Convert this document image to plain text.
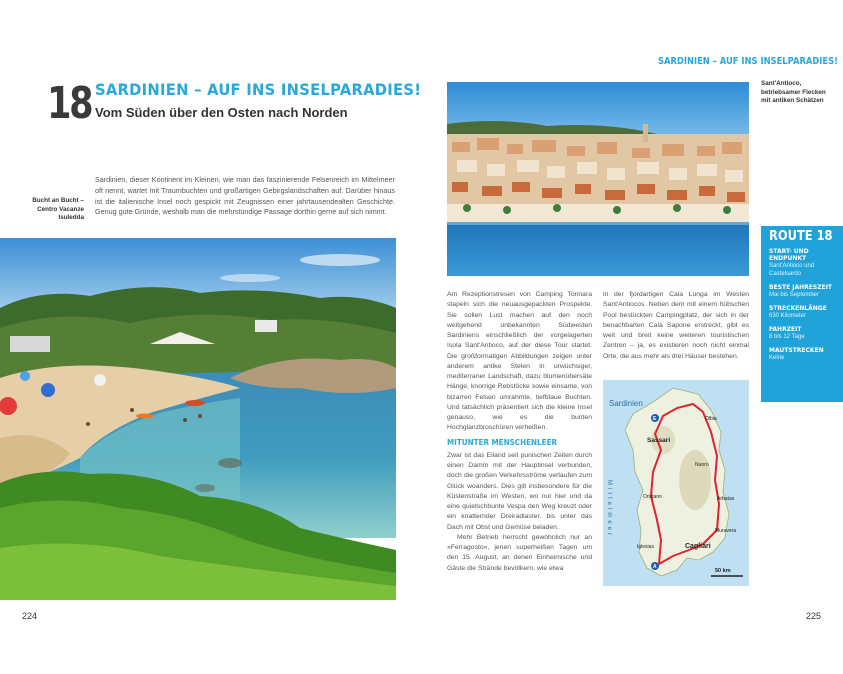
18 SARDINIEN – AUF INS INSELPARADIES!
Vom Süden über den Osten nach Norden
Bucht an Bucht – Centro Vacanze Isuledda
Sardinien, dieser Kontinent im Kleinen, wie man das faszinierende Felsenreich im Mittelmeer oft nennt, wartet mit Traumbuchten und großartigen Gebirgslandschaften auf. Darüber hinaus ist die italienische Insel noch gespickt mit Zeugnissen einer jahrtausendealten Geschichte. Genug gute Gründe, weshalb man die mehrstündige Passage dorthin gerne auf sich nimmt.
224
SARDINIEN – AUF INS INSELPARADIES!
Sant'Antioco, betriebsamer Flecken mit antiken Schätzen

Am Rezeptionstresen von Camping Tonnara stapeln sich die neuausgepackten Prospekte. Sie sollen Lust machen auf den noch weitgehend unbekannten Südwesten Sardiniens einschließlich der vorgelagerten Isola Sant'Antioco, auf der diese Tour startet. Die großformatigen Abbildungen zeigen unter anderem antike Stelen in urwüchsiger, mediterraner Landschaft, dazu blumenübersäte Hänge, knorrige Rebstöcke sowie einsame, von bizarren Felsen umrahmte, tiefblaue Buchten. Und tatsächlich präsentiert sich die kleine Insel genauso, wie es die bunten Hochglanzbroschüren verheißen.

MITUNTER MENSCHENLEER

Zwar ist das Eiland seit punischen Zeiten durch einen Damm mit der Hauptinsel verbunden, doch die großen Verkehrsströme verlaufen zum Glück woanders. Dies gilt insbesondere für die Küstenstraße im Westen, wo nur hier und da eine quietschbunte Vespa den Weg kreuzt oder ein knatternder Dreiradlaster, bis unter das Dach mit Obst und Gemüse beladen.

Mehr Betrieb herrscht gewöhnlich nur an »Ferragosto«, jenen superheißen Tagen um den 15. August, an denen Einheimische und Gäste die Strände bevölkern, wie etwa

in der fjordartigen Cala Lunga im Westen Sant'Antiocos. Neben dem mit einem hübschen Pool bestückten Campingplatz, der sich in der benachbarten Cala Sapone erstreckt, gibt es weit und breit keine weiteren touristischen Zentren – ja, es existieren noch nicht einmal Orte, die aus mehr als drei Häuser bestehen.

Sardinien
Mittelmeer
Cagliari
Sassari
Nuoro
Olbia
Oristano
Iglesias
Arbatax
Muravera
A
E
50 km
ROUTE 18
START- UND ENDPUNKT
Sant'Antioco und Castelsardo
BESTE JAHRESZEIT
Mai bis September
STRECKENLÄNGE
630 Kilometer
FAHRZEIT
8 bis 12 Tage
MAUTSTRECKEN
Keine
225
